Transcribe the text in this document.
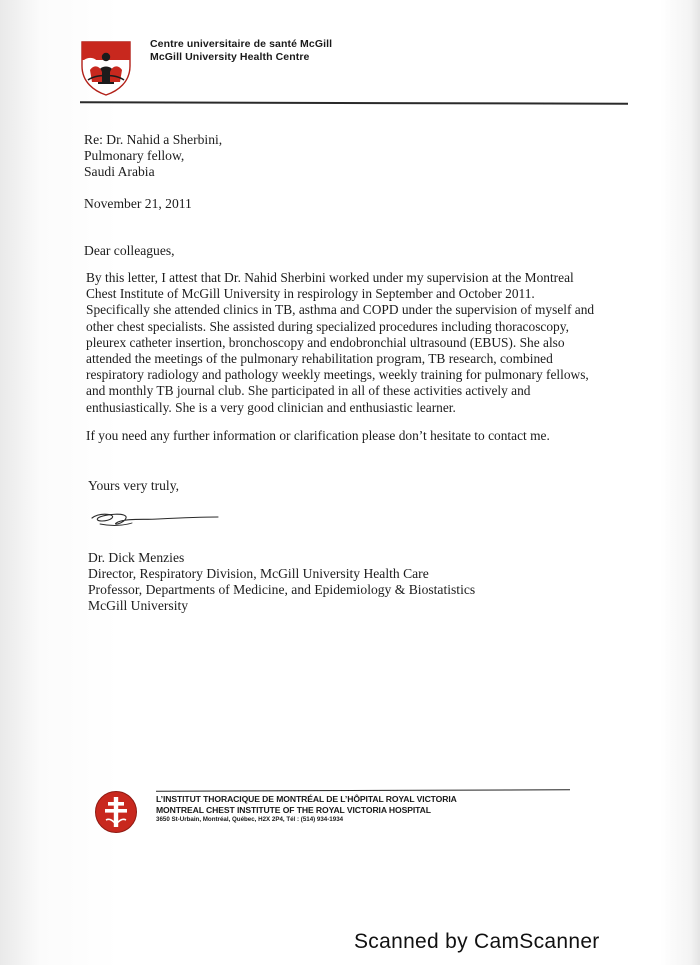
Centre universitaire de santé McGill
McGill University Health Centre
Re: Dr. Nahid a Sherbini,
Pulmonary fellow,
Saudi Arabia
November 21, 2011
Dear colleagues,
By this letter, I attest that Dr. Nahid Sherbini worked under my supervision at the Montreal
Chest Institute of McGill University in respirology in September and October 2011.
Specifically she attended clinics in TB, asthma and COPD under the supervision of myself and
other chest specialists. She assisted during specialized procedures including thoracoscopy,
pleurex catheter insertion, bronchoscopy and endobronchial ultrasound (EBUS). She also
attended the meetings of the pulmonary rehabilitation program, TB research, combined
respiratory radiology and pathology weekly meetings, weekly training for pulmonary fellows,
and monthly TB journal club. She participated in all of these activities actively and
enthusiastically. She is a very good clinician and enthusiastic learner.
If you need any further information or clarification please don’t hesitate to contact me.
Yours very truly,
Dr. Dick Menzies
Director, Respiratory Division, McGill University Health Care
Professor, Departments of Medicine, and Epidemiology & Biostatistics
McGill University
L’INSTITUT THORACIQUE DE MONTRÉAL DE L’HÔPITAL ROYAL VICTORIA
MONTREAL CHEST INSTITUTE OF THE ROYAL VICTORIA HOSPITAL
3650 St-Urbain, Montréal, Québec, H2X 2P4, Tél : (514) 934-1934
Scanned by CamScanner
